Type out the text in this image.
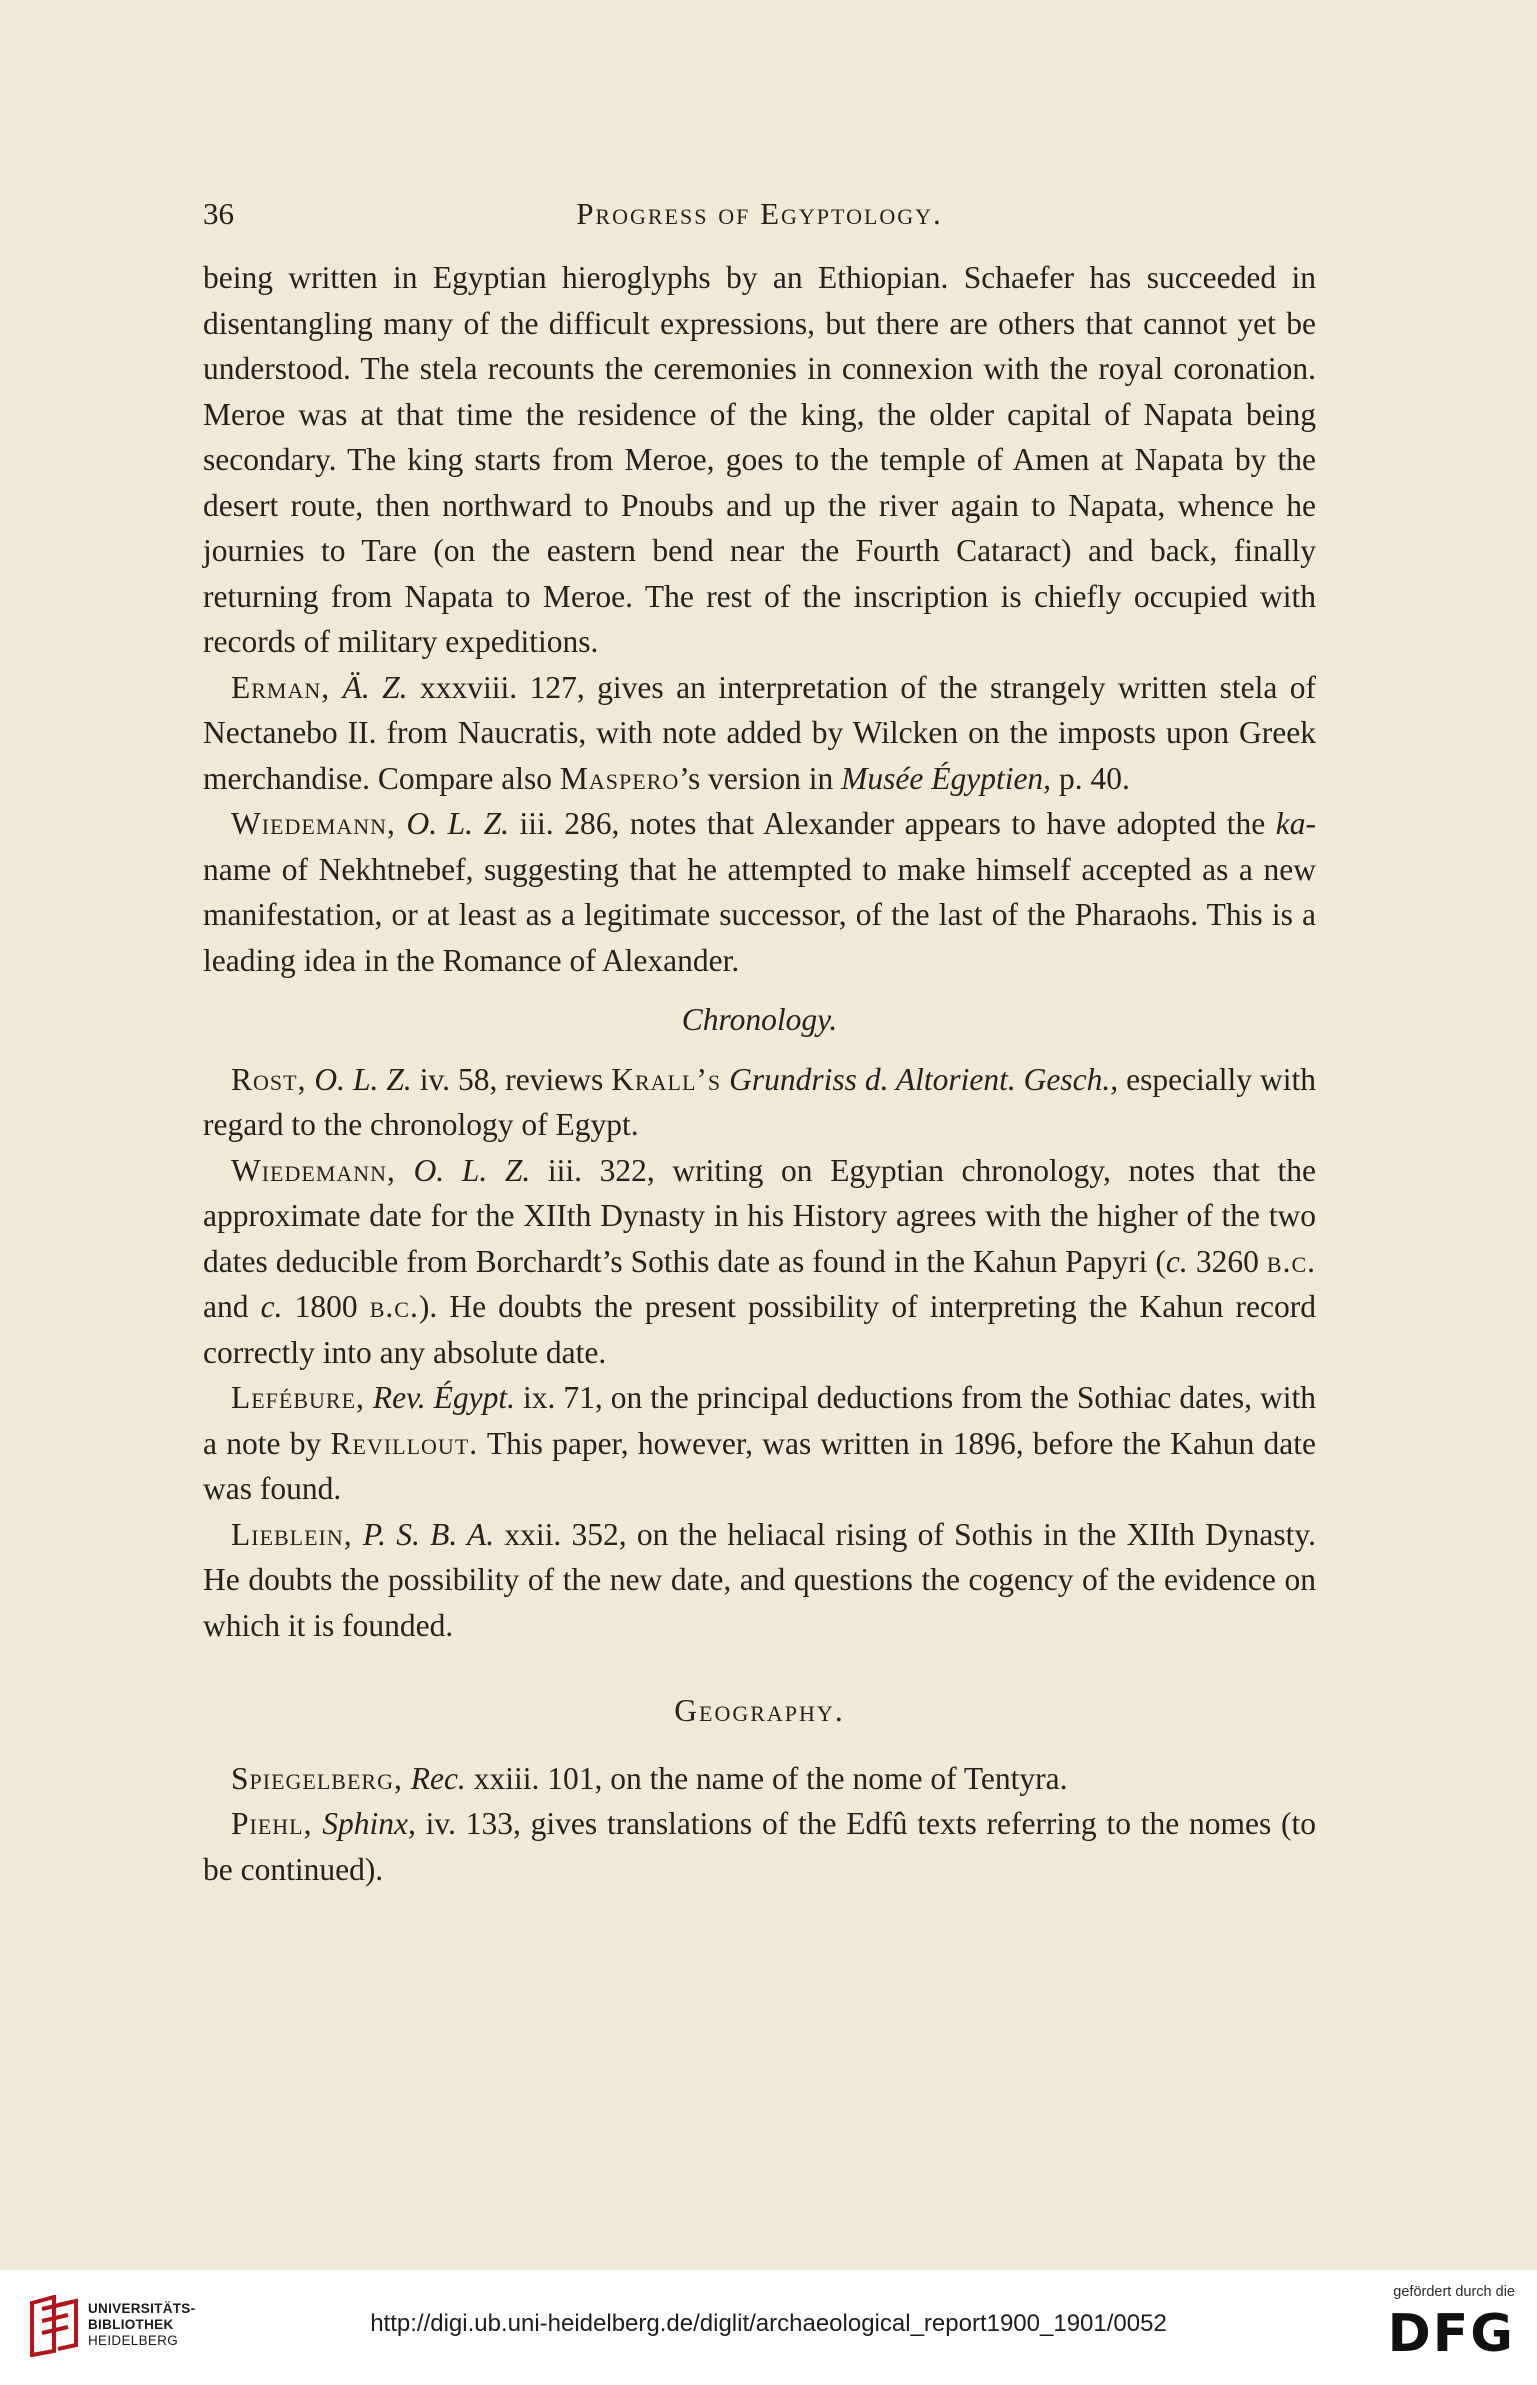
36	Progress of Egyptology.

being written in Egyptian hieroglyphs by an Ethiopian. Schaefer has succeeded in disentangling many of the difficult expressions, but there are others that cannot yet be understood. The stela recounts the ceremonies in connexion with the royal coronation. Meroe was at that time the residence of the king, the older capital of Napata being secondary. The king starts from Meroe, goes to the temple of Amen at Napata by the desert route, then northward to Pnoubs and up the river again to Napata, whence he journies to Tare (on the eastern bend near the Fourth Cataract) and back, finally returning from Napata to Meroe. The rest of the inscription is chiefly occupied with records of military expeditions.

Erman, Ä. Z. xxxviii. 127, gives an interpretation of the strangely written stela of Nectanebo II. from Naucratis, with note added by Wilcken on the imposts upon Greek merchandise. Compare also Maspero’s version in Musée Égyptien, p. 40.

Wiedemann, O. L. Z. iii. 286, notes that Alexander appears to have adopted the ka-name of Nekhtnebef, suggesting that he attempted to make himself accepted as a new manifestation, or at least as a legitimate successor, of the last of the Pharaohs. This is a leading idea in the Romance of Alexander.

Chronology.

Rost, O. L. Z. iv. 58, reviews Krall’s Grundriss d. Altorient. Gesch., especially with regard to the chronology of Egypt.

Wiedemann, O. L. Z. iii. 322, writing on Egyptian chronology, notes that the approximate date for the XIIth Dynasty in his History agrees with the higher of the two dates deducible from Borchardt’s Sothis date as found in the Kahun Papyri (c. 3260 b.c. and c. 1800 b.c.). He doubts the present possibility of interpreting the Kahun record correctly into any absolute date.

Lefébure, Rev. Égypt. ix. 71, on the principal deductions from the Sothiac dates, with a note by Revillout. This paper, however, was written in 1896, before the Kahun date was found.

Lieblein, P. S. B. A. xxii. 352, on the heliacal rising of Sothis in the XIIth Dynasty. He doubts the possibility of the new date, and questions the cogency of the evidence on which it is founded.

Geography.

Spiegelberg, Rec. xxiii. 101, on the name of the nome of Tentyra.

Piehl, Sphinx, iv. 133, gives translations of the Edfû texts referring to the nomes (to be continued).

UNIVERSITÄTS-
BIBLIOTHEK
HEIDELBERG
http://digi.ub.uni-heidelberg.de/diglit/archaeological_report1900_1901/0052
gefördert durch die
DFG
